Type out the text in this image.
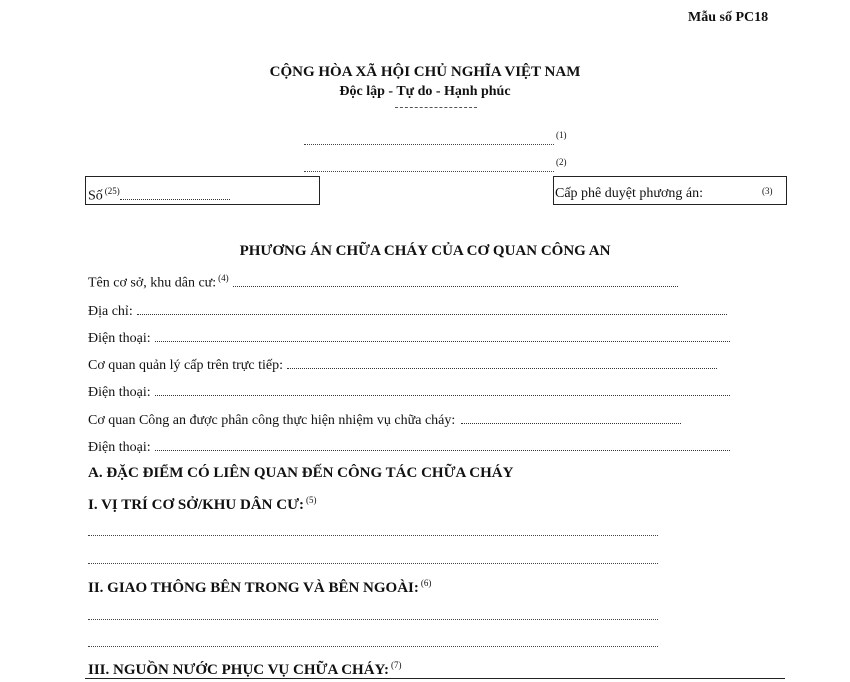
Mẫu số PC18
CỘNG HÒA XÃ HỘI CHỦ NGHĨA VIỆT NAM
Độc lập - Tự do - Hạnh phúc
(1)
(2)
Số $^{(25)}$	Cấp phê duyệt phương án:	(3)
PHƯƠNG ÁN CHỮA CHÁY CỦA CƠ QUAN CÔNG AN
Tên cơ sở, khu dân cư: $^{(4)}$
Địa chỉ:
Điện thoại:
Cơ quan quản lý cấp trên trực tiếp:
Điện thoại:
Cơ quan Công an được phân công thực hiện nhiệm vụ chữa cháy:
Điện thoại:
A. ĐẶC ĐIỂM CÓ LIÊN QUAN ĐẾN CÔNG TÁC CHỮA CHÁY
I. VỊ TRÍ CƠ SỞ/KHU DÂN CƯ: $^{(5)}$
II. GIAO THÔNG BÊN TRONG VÀ BÊN NGOÀI: $^{(6)}$
III. NGUỒN NƯỚC PHỤC VỤ CHỮA CHÁY: $^{(7)}$
